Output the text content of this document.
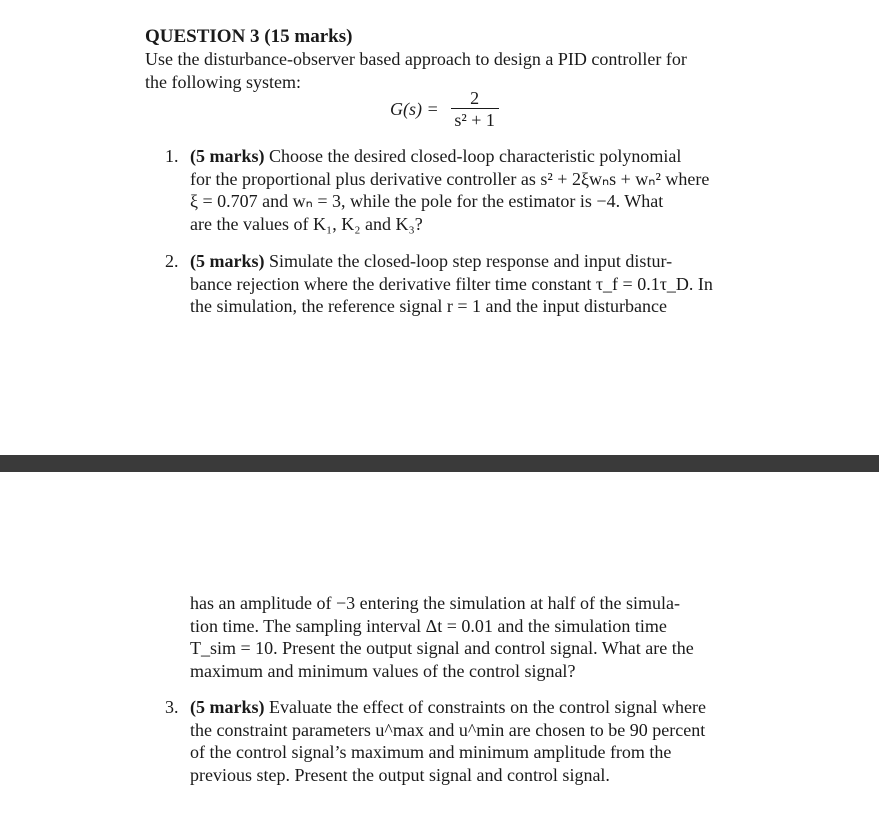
QUESTION 3 (15 marks)
Use the disturbance-observer based approach to design a PID controller for
the following system:
$G(s) = \frac{2}{\text{s² + 1}}$
1. (5 marks) Choose the desired closed-loop characteristic polynomial
for the proportional plus derivative controller as s² + 2ξwₙs + wₙ² where
ξ = 0.707 and wₙ = 3, while the pole for the estimator is −4. What
are the values of K₁, K₂ and K₃?
2. (5 marks) Simulate the closed-loop step response and input distur-
bance rejection where the derivative filter time constant τ_f = 0.1τ_D. In
the simulation, the reference signal r = 1 and the input disturbance
has an amplitude of −3 entering the simulation at half of the simula-
tion time. The sampling interval Δt = 0.01 and the simulation time
T_sim = 10. Present the output signal and control signal. What are the
maximum and minimum values of the control signal?
3. (5 marks) Evaluate the effect of constraints on the control signal where
the constraint parameters u^max and u^min are chosen to be 90 percent
of the control signal’s maximum and minimum amplitude from the
previous step. Present the output signal and control signal.
